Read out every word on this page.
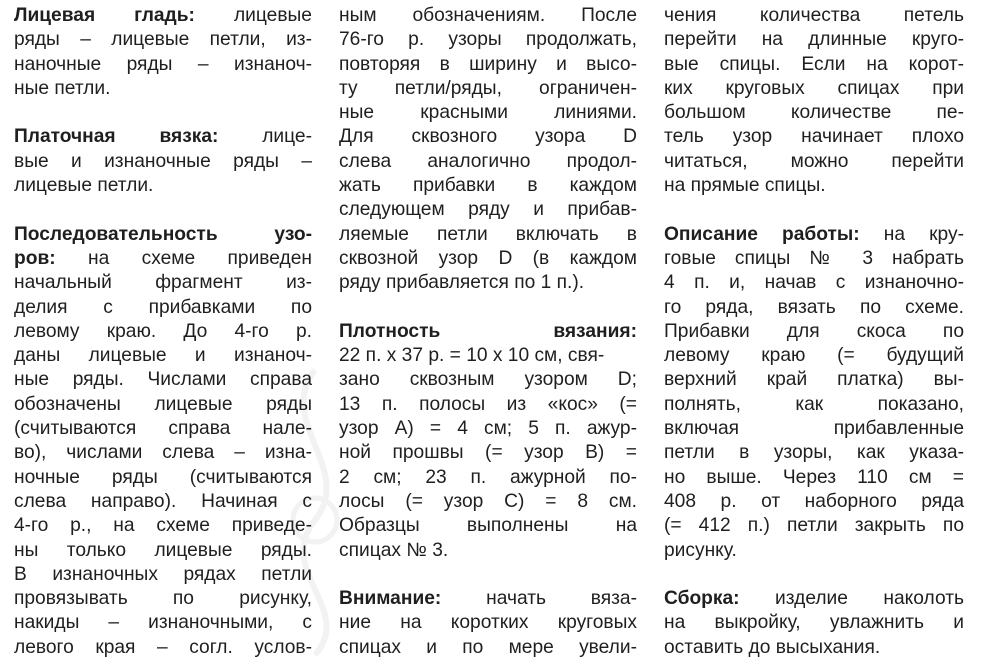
Лицевая гладь: лицевые
ряды – лицевые петли, из-
наночные ряды – изнаноч-
ные петли.
Платочная вязка: лице-
вые и изнаночные ряды –
лицевые петли.
Последовательность узо-
ров: на схеме приведен
начальный фрагмент из-
делия с прибавками по
левому краю. До 4-го р.
даны лицевые и изнаноч-
ные ряды. Числами справа
обозначены лицевые ряды
(считываются справа нале-
во), числами слева – изна-
ночные ряды (считываются
слева направо). Начиная с
4-го р., на схеме приведе-
ны только лицевые ряды.
В изнаночных рядах петли
провязывать по рисунку,
накиды – изнаночными, с
левого края – согл. услов-
ным обозначениям. После
76-го р. узоры продолжать,
повторяя в ширину и высо-
ту петли/ряды, ограничен-
ные красными линиями.
Для сквозного узора D
слева аналогично продол-
жать прибавки в каждом
следующем ряду и прибав-
ляемые петли включать в
сквозной узор D (в каждом
ряду прибавляется по 1 п.).
Плотность вязания:
22 п. х 37 р. = 10 х 10 см, свя-
зано сквозным узором D;
13 п. полосы из «кос» (=
узор A) = 4 см; 5 п. ажур-
ной прошвы (= узор B) =
2 см; 23 п. ажурной по-
лосы (= узор C) = 8 см.
Образцы выполнены на
спицах № 3.
Внимание: начать вяза-
ние на коротких круговых
спицах и по мере увели-
чения количества петель
перейти на длинные круго-
вые спицы. Если на корот-
ких круговых спицах при
большом количестве пе-
тель узор начинает плохо
читаться, можно перейти
на прямые спицы.
Описание работы: на кру-
говые спицы № 3 набрать
4 п. и, начав с изнаночно-
го ряда, вязать по схеме.
Прибавки для скоса по
левому краю (= будущий
верхний край платка) вы-
полнять, как показано,
включая прибавленные
петли в узоры, как указа-
но выше. Через 110 см =
408 р. от наборного ряда
(= 412 п.) петли закрыть по
рисунку.
Сборка: изделие наколоть
на выкройку, увлажнить и
оставить до высыхания.
